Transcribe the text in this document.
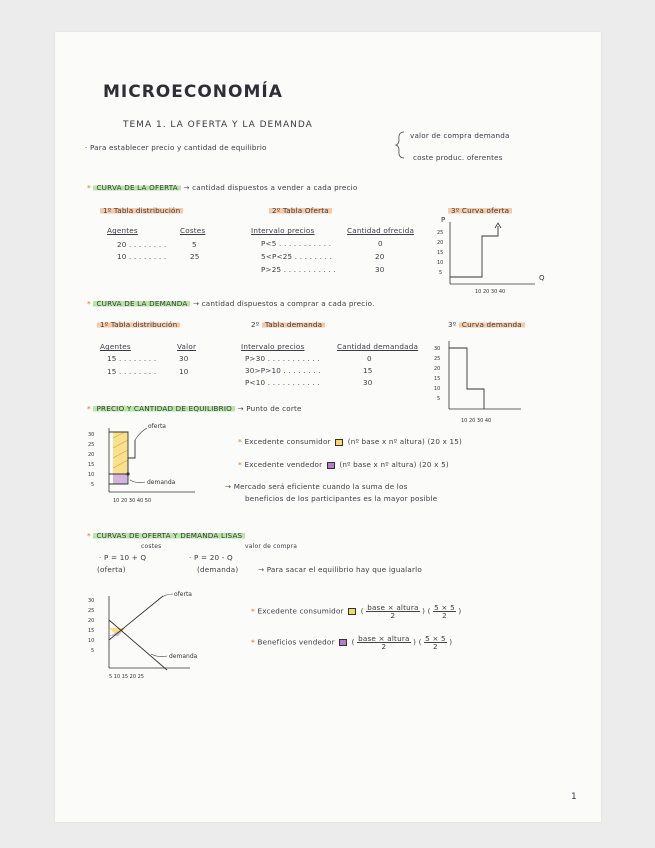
MICROECONOMÍA
TEMA 1. LA OFERTA Y LA DEMANDA
· Para establecer precio y cantidad de equilibrio
valor de compra demanda
coste produc. oferentes
* CURVA DE LA OFERTA → cantidad dispuestos a vender a cada precio
1º Tabla distribución
Agentes	Costes
20 . . . . . . . .	5
10 . . . . . . . .	25
2º Tabla Oferta
Intervalo precios	Cantidad ofrecida
P<5 . . . . . . . . . . .	0
5<P<25 . . . . . . . .	20
P>25 . . . . . . . . . . .	30
3º Curva oferta
P
Q
25
20
15
10
5
10 20 30 40
* CURVA DE LA DEMANDA → cantidad dispuestos a comprar a cada precio.
1º Tabla distribución
Agentes	Valor
15 . . . . . . . .	30
15 . . . . . . . .	10
2º Tabla demanda
Intervalo precios	Cantidad demandada
P>30 . . . . . . . . . . .	0
30>P>10 . . . . . . . .	15
P<10 . . . . . . . . . . .	30
3º Curva demanda
30
25
20
15
10
5
10 20 30 40
* PRECIO Y CANTIDAD DE EQUILIBRIO → Punto de corte
30
25
20
15
10
5
10 20 30 40 50
oferta
demanda
* Excedente consumidor (nº base x nº altura) (20 x 15)
* Excedente vendedor (nº base x nº altura) (20 x 5)
→ Mercado será eficiente cuando la suma de los
beneficios de los participantes es la mayor posible
* CURVAS DE OFERTA Y DEMANDA LISAS
costes	valor de compra
· P = 10 + Q	· P = 20 - Q
(oferta)	(demanda)	→ Para sacar el equilibrio hay que igualarlo
30
25
20
15
10
5
5 10 15 20 25
oferta
demanda
* Excedente consumidor  ( $\frac{\text{base × altura}}{2}$ ) ( $\frac{5 \times 5}{2}$ )
* Beneficios vendedor  ( $\frac{\text{base × altura}}{2}$ ) ( $\frac{5 \times 5}{2}$ )
1
